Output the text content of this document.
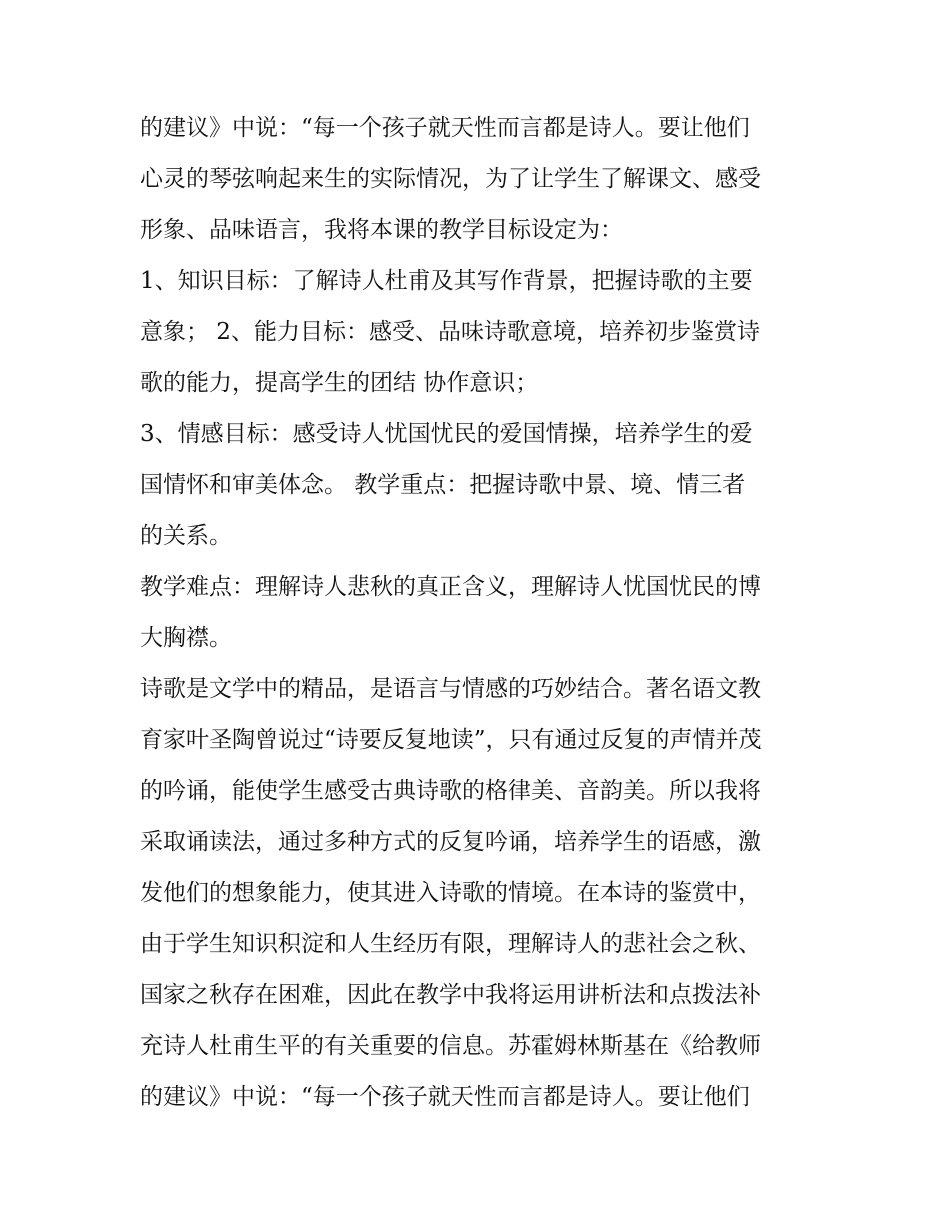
的建议》中说：“每一个孩子就天性而言都是诗人。要让他们
心灵的琴弦响起来生的实际情况，为了让学生了解课文、感受
形象、品味语言，我将本课的教学目标设定为：
1、知识目标：了解诗人杜甫及其写作背景，把握诗歌的主要
意象； 2、能力目标：感受、品味诗歌意境，培养初步鉴赏诗
歌的能力，提高学生的团结 协作意识；
3、情感目标：感受诗人忧国忧民的爱国情操，培养学生的爱
国情怀和审美体念。 教学重点：把握诗歌中景、境、情三者
的关系。
教学难点：理解诗人悲秋的真正含义，理解诗人忧国忧民的博
大胸襟。
诗歌是文学中的精品，是语言与情感的巧妙结合。著名语文教
育家叶圣陶曾说过“诗要反复地读”，只有通过反复的声情并茂
的吟诵，能使学生感受古典诗歌的格律美、音韵美。所以我将
采取诵读法，通过多种方式的反复吟诵，培养学生的语感，激
发他们的想象能力，使其进入诗歌的情境。在本诗的鉴赏中，
由于学生知识积淀和人生经历有限，理解诗人的悲社会之秋、
国家之秋存在困难，因此在教学中我将运用讲析法和点拨法补
充诗人杜甫生平的有关重要的信息。苏霍姆林斯基在《给教师
的建议》中说：“每一个孩子就天性而言都是诗人。要让他们
